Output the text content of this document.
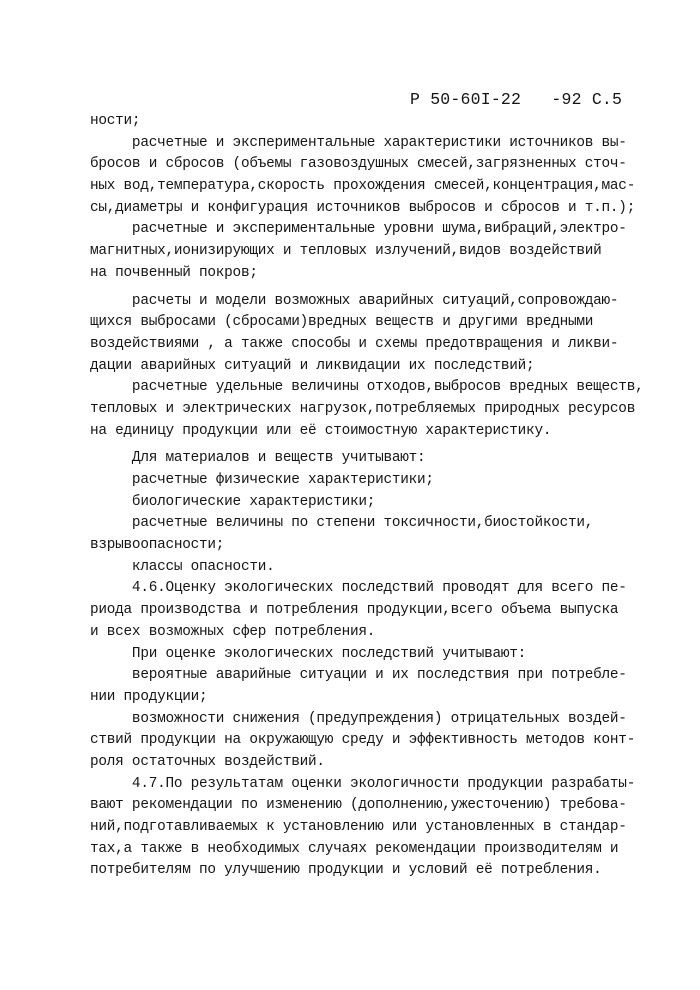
Р 50-60I-22   -92 С.5
ности;
расчетные и экспериментальные характеристики источников вы-
бросов и сбросов (объемы газовоздушных смесей,загрязненных сточ-
ных вод,температура,скорость прохождения смесей,концентрация,мас-
сы,диаметры и конфигурация источников выбросов и сбросов и т.п.);
расчетные и экспериментальные уровни шума,вибраций,электро-
магнитных,ионизирующих и тепловых излучений,видов воздействий
на почвенный покров;
расчеты и модели возможных аварийных ситуаций,сопровождаю-
щихся выбросами (сбросами)вредных веществ и другими вредными
воздействиями , а также способы и схемы предотвращения и ликви-
дации аварийных ситуаций и ликвидации их последствий;
расчетные удельные величины отходов,выбросов вредных веществ,
тепловых и электрических нагрузок,потребляемых природных ресурсов
на единицу продукции или её стоимостную характеристику.
Для материалов и веществ учитывают:
расчетные физические характеристики;
биологические характеристики;
расчетные величины по степени токсичности,биостойкости,
взрывоопасности;
классы опасности.
4.6.Оценку экологических последствий проводят для всего пе-
риода производства и потребления продукции,всего объема выпуска
и всех возможных сфер потребления.
При оценке экологических последствий учитывают:
вероятные аварийные ситуации и их последствия при потребле-
нии продукции;
возможности снижения (предупреждения) отрицательных воздей-
ствий продукции на окружающую среду и эффективность методов конт-
роля остаточных воздействий.
4.7.По результатам оценки экологичности продукции разрабаты-
вают рекомендации по изменению (дополнению,ужесточению) требова-
ний,подготавливаемых к установлению или установленных в стандар-
тах,а также в необходимых случаях рекомендации производителям и
потребителям по улучшению продукции и условий её потребления.
